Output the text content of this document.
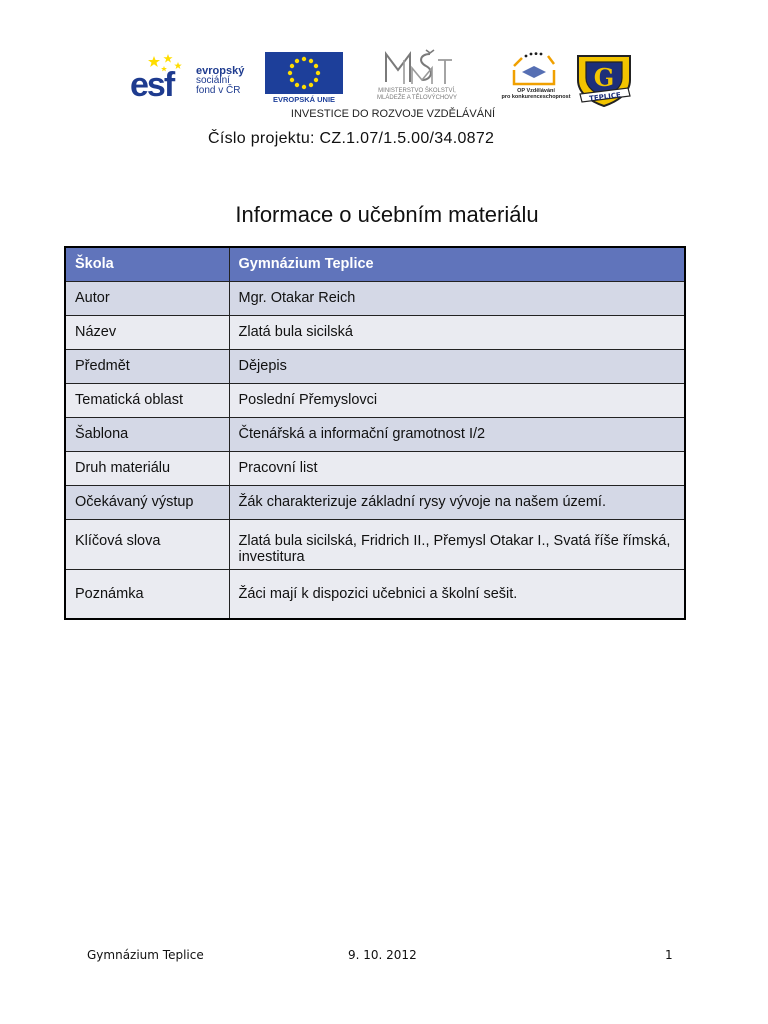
esf evropský
sociální
fond v ČR
EVROPSKÁ UNIE
MINISTERSTVO ŠKOLSTVÍ,
MLÁDEŽE A TĚLOVÝCHOVY
OP Vzdělávání
pro konkurenceschopnost
G
TEPLICE
INVESTICE DO ROZVOJE VZDĚLÁVÁNÍ
Číslo projektu: CZ.1.07/1.5.00/34.0872
Informace o učebním materiálu
Škola	Gymnázium Teplice
Autor	Mgr. Otakar Reich
Název	Zlatá bula sicilská
Předmět	Dějepis
Tematická oblast	Poslední Přemyslovci
Šablona	Čtenářská a informační gramotnost I/2
Druh materiálu	Pracovní list
Očekávaný výstup	Žák charakterizuje základní rysy vývoje na našem území.
Klíčová slova	Zlatá bula sicilská, Fridrich II., Přemysl Otakar I., Svatá říše římská, investitura
Poznámka	Žáci mají k dispozici učebnici a školní sešit.
Gymnázium Teplice	9. 10. 2012	1
